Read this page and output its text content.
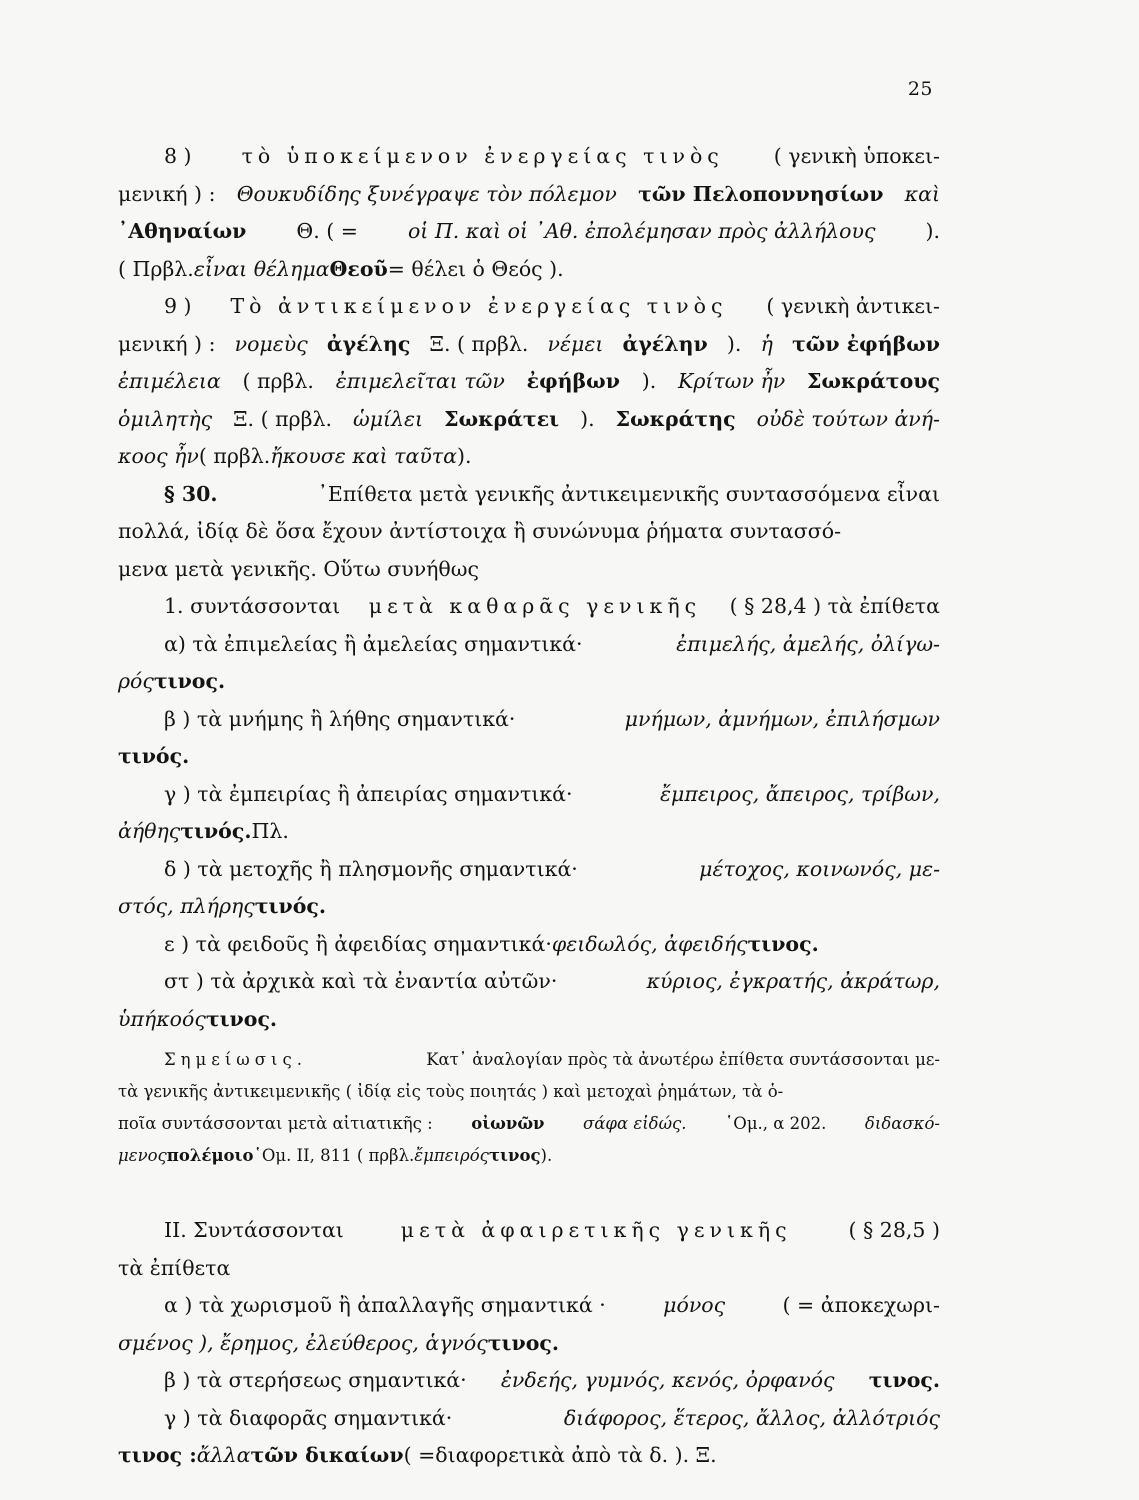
25
8 ) τὸ ὑποκείμενον ἐνεργείας τινὸς ( γενικὴ ὑποκει-
μενική ) : Θουκυδίδης ξυνέγραψε τὸν πόλεμον τῶν Πελοποννησίων καὶ
᾿Αθηναίων Θ. ( = οἱ Π. καὶ οἱ ᾿Αθ. ἐπολέμησαν πρὸς ἀλλήλους ).
( Πρβλ. εἶναι θέλημα Θεοῦ = θέλει ὁ Θεός ).
9 ) Τὸ ἀντικείμενον ἐνεργείας τινὸς ( γενικὴ ἀντικει-
μενική ) : νομεὺς ἀγέλης Ξ. ( πρβλ. νέμει ἀγέλην ). ἡ τῶν ἐφήβων
ἐπιμέλεια ( πρβλ. ἐπιμελεῖται τῶν ἐφήβων ). Κρίτων ἦν Σωκράτους
ὁμιλητὴς Ξ. ( πρβλ. ὡμίλει Σωκράτει ). Σωκράτης οὐδὲ τούτων ἀνή-
κοος ἦν ( πρβλ. ἤκουσε καὶ ταῦτα ).
§ 30.	᾿Επίθετα μετὰ γενικῆς ἀντικειμενικῆς συντασσόμενα εἶναι
πολλά, ἰδίᾳ δὲ ὅσα ἔχουν ἀντίστοιχα ἢ συνώνυμα ῥήματα συντασσό-
μενα μετὰ γενικῆς. Οὕτω συνήθως
1. συντάσσονται μετὰ καθαρᾶς γενικῆς ( § 28,4 ) τὰ ἐπίθετα
α) τὰ ἐπιμελείας ἢ ἀμελείας σημαντικά·	ἐπιμελής, ἀμελής, ὀλίγω-
ρός τινος.
β ) τὰ μνήμης ἢ λήθης σημαντικά·	μνήμων, ἀμνήμων, ἐπιλήσμων
τινός.
γ ) τὰ ἐμπειρίας ἢ ἀπειρίας σημαντικά·	ἔμπειρος, ἄπειρος, τρίβων,
ἀήθης τινός. Πλ.
δ ) τὰ μετοχῆς ἢ πλησμονῆς σημαντικά·	μέτοχος, κοινωνός, με-
στός, πλήρης τινός.
ε ) τὰ φειδοῦς ἢ ἀφειδίας σημαντικά· φειδωλός, ἀφειδής τινος.
στ ) τὰ ἀρχικὰ καὶ τὰ ἐναντία αὐτῶν·	κύριος, ἐγκρατής, ἀκράτωρ,
ὑπήκοός τινος.
Σημείωσις.	Κατ᾿ ἀναλογίαν πρὸς τὰ ἀνωτέρω ἐπίθετα συντάσσονται με-
τὰ γενικῆς ἀντικειμενικῆς ( ἰδίᾳ εἰς τοὺς ποιητάς ) καὶ μετοχαὶ ῥημάτων, τὰ ὁ-
ποῖα συντάσσονται μετὰ αἰτιατικῆς : οἰωνῶν σάφα εἰδώς. ῾Ομ., α 202. διδασκό-
μενος πολέμοιο ῾Ομ. ΙΙ, 811 ( πρβλ. ἔμπειρός τινος ).
ΙΙ. Συντάσσονται	μετὰ ἀφαιρετικῆς γενικῆς	( § 28,5 )
τὰ ἐπίθετα
α ) τὰ χωρισμοῦ ἢ ἀπαλλαγῆς σημαντικά ·	μόνος	( = ἀποκεχωρι-
σμένος ), ἔρημος, ἐλεύθερος, ἁγνός τινος.
β ) τὰ στερήσεως σημαντικά· ἐνδεής, γυμνός, κενός, ὀρφανός τινος.
γ ) τὰ διαφορᾶς σημαντικά·	διάφορος, ἕτερος, ἄλλος, ἀλλότριός
τινος : ἄλλα τῶν δικαίων ( =διαφορετικὰ ἀπὸ τὰ δ. ). Ξ.
